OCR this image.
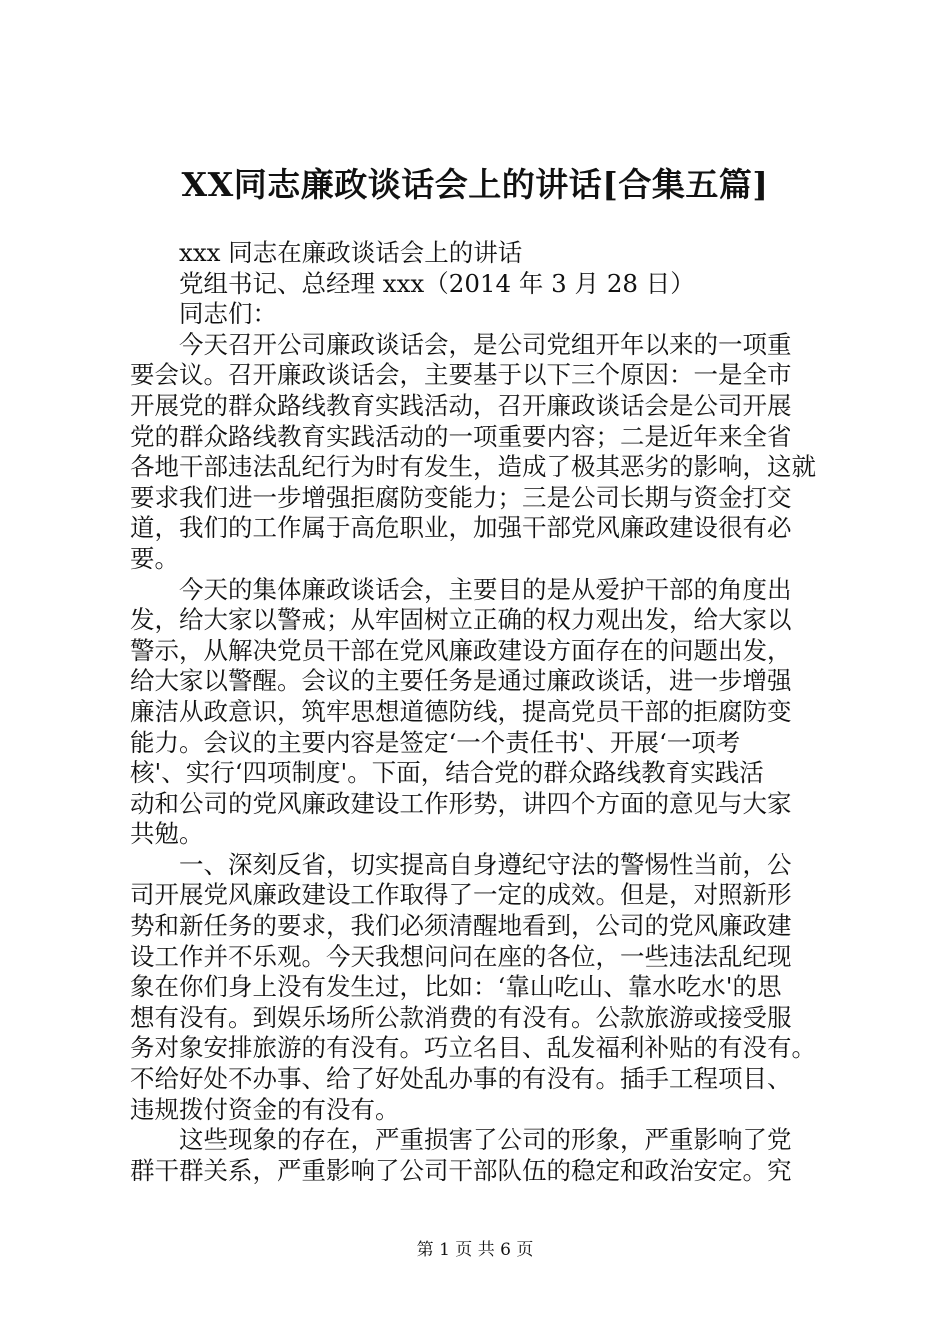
XX同志廉政谈话会上的讲话[合集五篇]
xxx 同志在廉政谈话会上的讲话
党组书记、总经理 xxx（2014 年 3 月 28 日）
同志们：
今天召开公司廉政谈话会，是公司党组开年以来的一项重
要会议。召开廉政谈话会，主要基于以下三个原因：一是全市
开展党的群众路线教育实践活动，召开廉政谈话会是公司开展
党的群众路线教育实践活动的一项重要内容；二是近年来全省
各地干部违法乱纪行为时有发生，造成了极其恶劣的影响，这就
要求我们进一步增强拒腐防变能力；三是公司长期与资金打交
道，我们的工作属于高危职业，加强干部党风廉政建设很有必
要。
今天的集体廉政谈话会，主要目的是从爱护干部的角度出
发，给大家以警戒；从牢固树立正确的权力观出发，给大家以
警示，从解决党员干部在党风廉政建设方面存在的问题出发，
给大家以警醒。会议的主要任务是通过廉政谈话，进一步增强
廉洁从政意识，筑牢思想道德防线，提高党员干部的拒腐防变
能力。会议的主要内容是签定‘一个责任书'、开展‘一项考
核'、实行‘四项制度'。下面，结合党的群众路线教育实践活
动和公司的党风廉政建设工作形势，讲四个方面的意见与大家
共勉。
一、深刻反省，切实提高自身遵纪守法的警惕性当前，公
司开展党风廉政建设工作取得了一定的成效。但是，对照新形
势和新任务的要求，我们必须清醒地看到，公司的党风廉政建
设工作并不乐观。今天我想问问在座的各位，一些违法乱纪现
象在你们身上没有发生过，比如：‘靠山吃山、靠水吃水'的思
想有没有。到娱乐场所公款消费的有没有。公款旅游或接受服
务对象安排旅游的有没有。巧立名目、乱发福利补贴的有没有。
不给好处不办事、给了好处乱办事的有没有。插手工程项目、
违规拨付资金的有没有。
这些现象的存在，严重损害了公司的形象，严重影响了党
群干群关系，严重影响了公司干部队伍的稳定和政治安定。究
第 1 页 共 6 页
